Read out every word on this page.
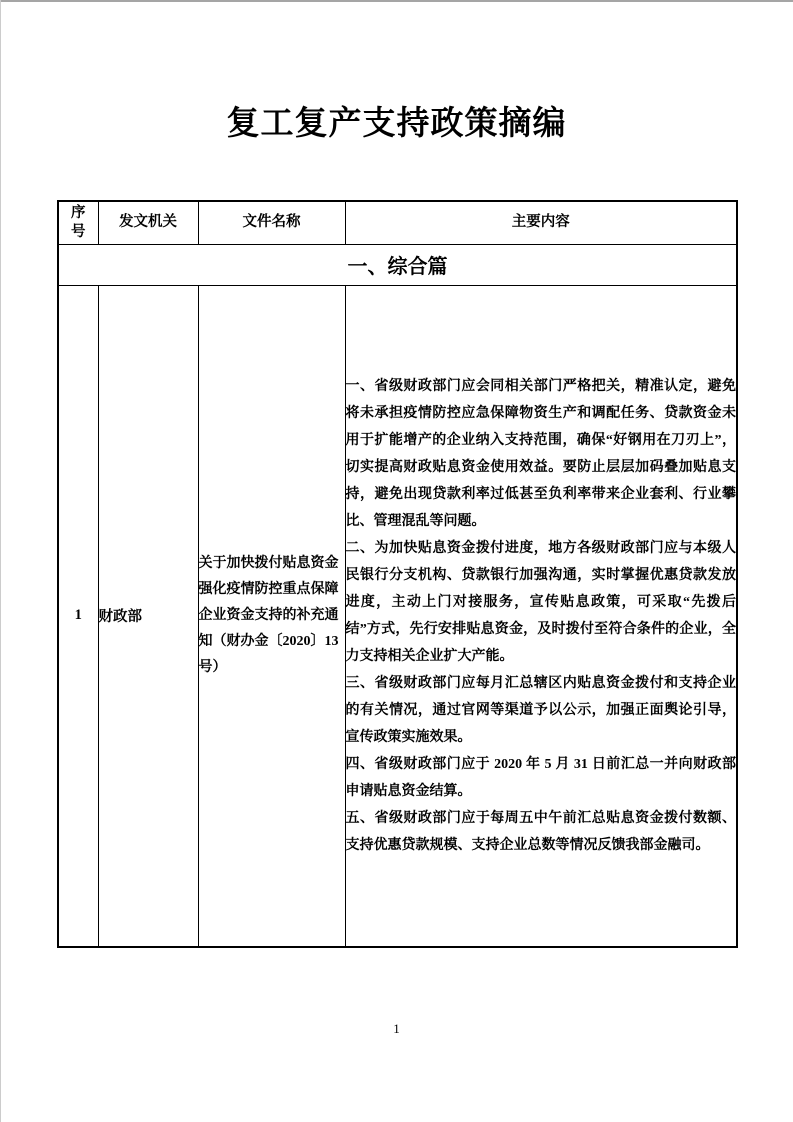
复工复产支持政策摘编
序号	发文机关	文件名称	主要内容
一、综合篇			
1	财政部	关于加快拨付贴息资金强化疫情防控重点保障企业资金支持的补充通知（财办金〔2020〕13 号）	一、省级财政部门应会同相关部门严格把关，精准认定，避免将未承担疫情防控应急保障物资生产和调配任务、贷款资金未用于扩能增产的企业纳入支持范围，确保“好钢用在刀刃上”，切实提高财政贴息资金使用效益。要防止层层加码叠加贴息支持，避免出现贷款利率过低甚至负利率带来企业套利、行业攀比、管理混乱等问题。

二、为加快贴息资金拨付进度，地方各级财政部门应与本级人民银行分支机构、贷款银行加强沟通，实时掌握优惠贷款发放进度，主动上门对接服务，宣传贴息政策，可采取“先拨后结”方式，先行安排贴息资金，及时拨付至符合条件的企业，全力支持相关企业扩大产能。

三、省级财政部门应每月汇总辖区内贴息资金拨付和支持企业的有关情况，通过官网等渠道予以公示，加强正面舆论引导，宣传政策实施效果。

四、省级财政部门应于 2020 年 5 月 31 日前汇总一并向财政部申请贴息资金结算。

五、省级财政部门应于每周五中午前汇总贴息资金拨付数额、支持优惠贷款规模、支持企业总数等情况反馈我部金融司。

1
